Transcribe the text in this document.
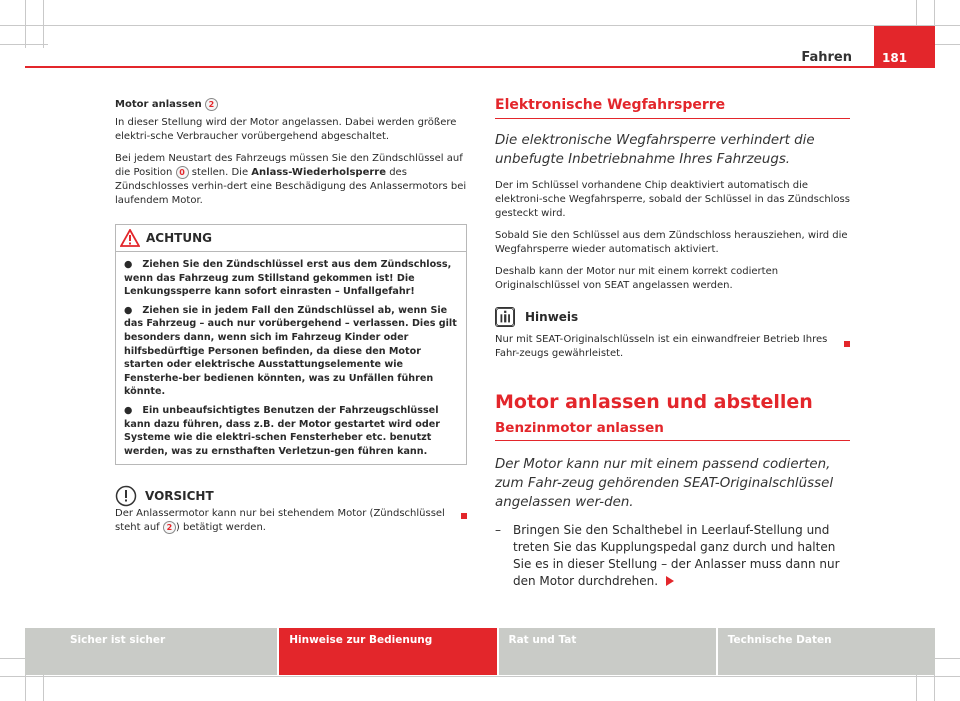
Fahren	181

Motor anlassen 2

In dieser Stellung wird der Motor angelassen. Dabei werden größere elektri-sche Verbraucher vorübergehend abgeschaltet.

Bei jedem Neustart des Fahrzeugs müssen Sie den Zündschlüssel auf die Position 0 stellen. Die Anlass-Wiederholsperre des Zündschlosses verhin-dert eine Beschädigung des Anlassermotors bei laufendem Motor.

ACHTUNG

● Ziehen Sie den Zündschlüssel erst aus dem Zündschloss, wenn das Fahrzeug zum Stillstand gekommen ist! Die Lenkungssperre kann sofort einrasten – Unfallgefahr!

● Ziehen sie in jedem Fall den Zündschlüssel ab, wenn Sie das Fahrzeug – auch nur vorübergehend – verlassen. Dies gilt besonders dann, wenn sich im Fahrzeug Kinder oder hilfsbedürftige Personen befinden, da diese den Motor starten oder elektrische Ausstattungselemente wie Fensterhe-ber bedienen könnten, was zu Unfällen führen könnte.

● Ein unbeaufsichtigtes Benutzen der Fahrzeugschlüssel kann dazu führen, dass z.B. der Motor gestartet wird oder Systeme wie die elektri-schen Fensterheber etc. benutzt werden, was zu ernsthaften Verletzun-gen führen kann.

VORSICHT

Der Anlassermotor kann nur bei stehendem Motor (Zündschlüssel steht auf 2 ) betätigt werden.

Elektronische Wegfahrsperre
Die elektronische Wegfahrsperre verhindert die unbefugte Inbetriebnahme Ihres Fahrzeugs.

Der im Schlüssel vorhandene Chip deaktiviert automatisch die elektroni-sche Wegfahrsperre, sobald der Schlüssel in das Zündschloss gesteckt wird.

Sobald Sie den Schlüssel aus dem Zündschloss herausziehen, wird die Wegfahrsperre wieder automatisch aktiviert.

Deshalb kann der Motor nur mit einem korrekt codierten Originalschlüssel von SEAT angelassen werden.

Hinweis

Nur mit SEAT-Originalschlüsseln ist ein einwandfreier Betrieb Ihres Fahr-zeugs gewährleistet.

Motor anlassen und abstellen
Benzinmotor anlassen
Der Motor kann nur mit einem passend codierten, zum Fahr-zeug gehörenden SEAT-Originalschlüssel angelassen wer-den.
– Bringen Sie den Schalthebel in Leerlauf-Stellung und treten Sie das Kupplungspedal ganz durch und halten Sie es in dieser Stellung – der Anlasser muss dann nur den Motor durchdrehen.
Sicher ist sicher	Hinweise zur Bedienung	Rat und Tat	Technische Daten
